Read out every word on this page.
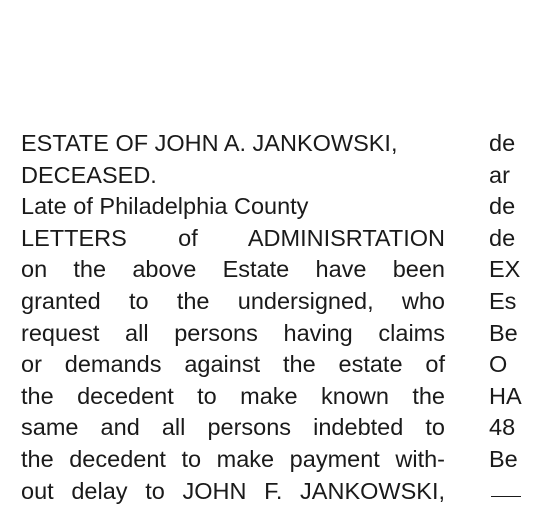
ESTATE OF JOHN A. JANKOWSKI,
DECEASED.
Late of Philadelphia County
LETTERS of ADMINISRTATION
on the above Estate have been
granted to the undersigned, who
request all persons having claims
or demands against the estate of
the decedent to make known the
same and all persons indebted to
the decedent to make payment with-
out delay to JOHN F. JANKOWSKI,
de
ar
de
de
EX
Es
Be
O
HA
48
Be
